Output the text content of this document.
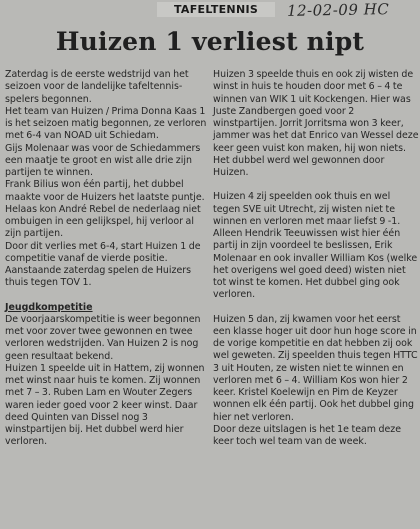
TAFELTENNIS	12-02-09 HC
Huizen 1 verliest nipt

Zaterdag is de eerste wedstrijd van het seizoen voor de landelijke tafeltennis-spelers begonnen.

Het team van Huizen / Prima Donna Kaas 1 is het seizoen matig begonnen, ze verloren met 6-4 van NOAD uit Schiedam.

Gijs Molenaar was voor de Schiedammers een maatje te groot en wist alle drie zijn partijen te winnen.

Frank Bilius won één partij, het dubbel maakte voor de Huizers het laatste puntje. Helaas kon André Rebel de nederlaag niet ombuigen in een gelijkspel, hij verloor al zijn partijen.

Door dit verlies met 6-4, start Huizen 1 de competitie vanaf de vierde positie. Aanstaande zaterdag spelen de Huizers thuis tegen TOV 1.

Jeugdkompetitie

De voorjaarskompetitie is weer begonnen met voor zover twee gewonnen en twee verloren wedstrijden. Van Huizen 2 is nog geen resultaat bekend.

Huizen 1 speelde uit in Hattem, zij wonnen met winst naar huis te komen. Zij wonnen met 7 – 3. Ruben Lam en Wouter Zegers waren ieder goed voor 2 keer winst. Daar deed Quinten van Dissel nog 3 winstpartijen bij. Het dubbel werd hier verloren.

Huizen 3 speelde thuis en ook zij wisten de winst in huis te houden door met 6 – 4 te winnen van WIK 1 uit Kockengen. Hier was Juste Zandbergen goed voor 2 winstpartijen. Jorrit Jorritsma won 3 keer, jammer was het dat Enrico van Wessel deze keer geen vuist kon maken, hij won niets. Het dubbel werd wel gewonnen door Huizen.

Huizen 4 zij speelden ook thuis en wel tegen SVE uit Utrecht, zij wisten niet te winnen en verloren met maar liefst 9 -1. Alleen Hendrik Teeuwissen wist hier één partij in zijn voordeel te beslissen, Erik Molenaar en ook invaller William Kos (welke het overigens wel goed deed) wisten niet tot winst te komen. Het dubbel ging ook verloren.

Huizen 5 dan, zij kwamen voor het eerst een klasse hoger uit door hun hoge score in de vorige kompetitie en dat hebben zij ook wel geweten. Zij speelden thuis tegen HTTC 3 uit Houten, ze wisten niet te winnen en verloren met 6 – 4. William Kos won hier 2 keer. Kristel Koelewijn en Pim de Keyzer wonnen elk één partij. Ook het dubbel ging hier net verloren.

Door deze uitslagen is het 1e team deze keer toch wel team van de week.
